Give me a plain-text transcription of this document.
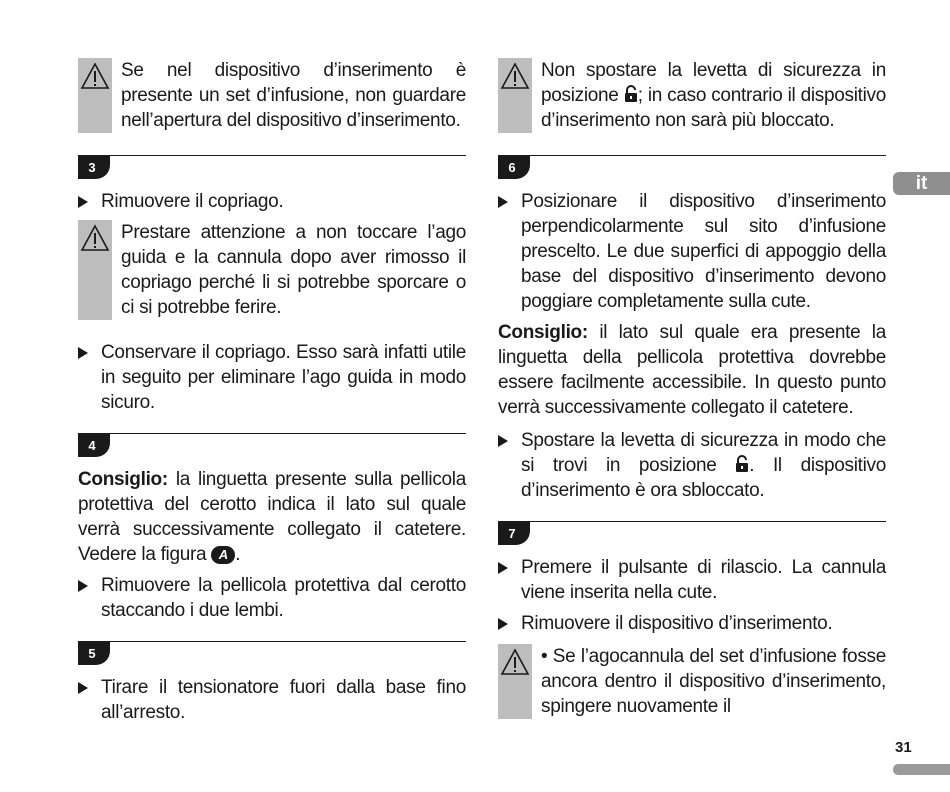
Se nel dispositivo d’inserimento è presente un set d’infusione, non guardare nell’apertura del dispositivo d’inserimento.

3

Rimuovere il copriago.

Prestare attenzione a non toccare l’ago guida e la cannula dopo aver rimosso il copriago perché li si potrebbe sporcare o ci si potrebbe ferire.

Conservare il copriago. Esso sarà infatti utile in seguito per eliminare l’ago guida in modo sicuro.

4

Consiglio: la linguetta presente sulla pellicola protettiva del cerotto indica il lato sul quale verrà successivamente collegato il catetere. Vedere la figura A .

Rimuovere la pellicola protettiva dal cerotto staccando i due lembi.

5

Tirare il tensionatore fuori dalla base fino all’arresto.

Non spostare la levetta di sicurezza in posizione ; in caso contrario il dispositivo d’inserimento non sarà più bloccato.

6

Posizionare il dispositivo d’inserimento perpendicolarmente sul sito d’infusione prescelto. Le due superfici di appoggio della base del dispositivo d’inserimento devono poggiare completamente sulla cute.

Consiglio: il lato sul quale era presente la linguetta della pellicola protettiva dovrebbe essere facilmente accessibile. In questo punto verrà successivamente collegato il catetere.

Spostare la levetta di sicurezza in modo che si trovi in posizione . Il dispositivo d’inserimento è ora sbloccato.

7

Premere il pulsante di rilascio. La cannula viene inserita nella cute.

Rimuovere il dispositivo d’inserimento.

• Se l’agocannula del set d’infusione fosse ancora dentro il dispositivo d’inserimento, spingere nuovamente il

it
31
